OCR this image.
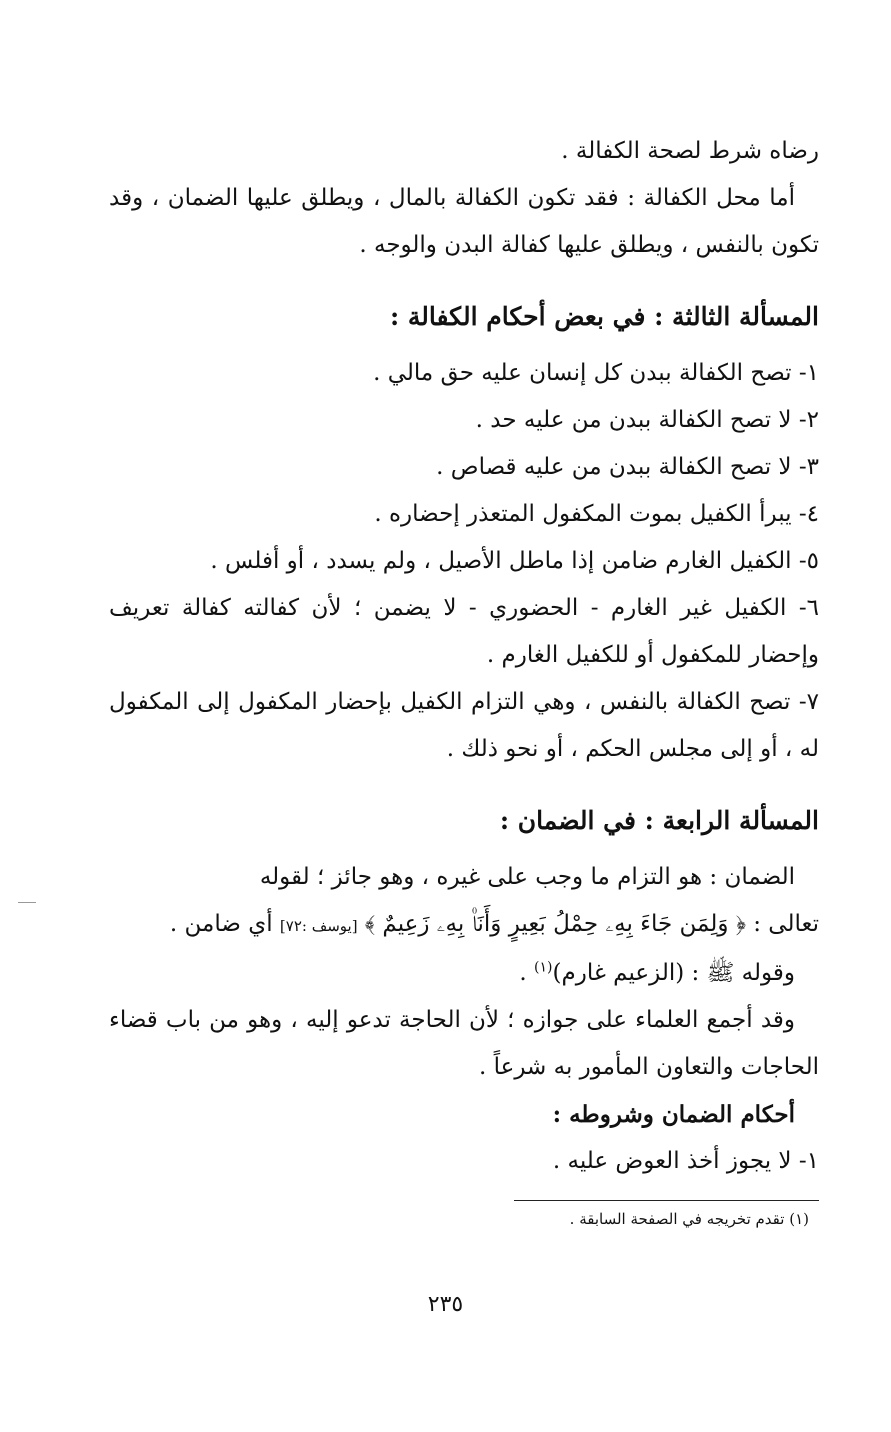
رضاه شرط لصحة الكفالة .

أما محل الكفالة : فقد تكون الكفالة بالمال ، ويطلق عليها الضمان ، وقد تكون بالنفس ، ويطلق عليها كفالة البدن والوجه .

المسألة الثالثة : في بعض أحكام الكفالة :

١- تصح الكفالة ببدن كل إنسان عليه حق مالي .

٢- لا تصح الكفالة ببدن من عليه حد .

٣- لا تصح الكفالة ببدن من عليه قصاص .

٤- يبرأ الكفيل بموت المكفول المتعذر إحضاره .

٥- الكفيل الغارم ضامن إذا ماطل الأصيل ، ولم يسدد ، أو أفلس .

٦- الكفيل غير الغارم - الحضوري - لا يضمن ؛ لأن كفالته كفالة تعريف وإحضار للمكفول أو للكفيل الغارم .

٧- تصح الكفالة بالنفس ، وهي التزام الكفيل بإحضار المكفول إلى المكفول له ، أو إلى مجلس الحكم ، أو نحو ذلك .

المسألة الرابعة : في الضمان :

الضمان : هو التزام ما وجب على غيره ، وهو جائز ؛ لقوله

تعالى : ﴿ وَلِمَن جَاءَ بِهِۦ حِمْلُ بَعِيرٍ وَأَنَا۠ بِهِۦ زَعِيمٌ ﴾ [يوسف :٧٢] أي ضامن .

وقوله ﷺ : (الزعيم غارم)$^{(١)}$ .

وقد أجمع العلماء على جوازه ؛ لأن الحاجة تدعو إليه ، وهو من باب قضاء الحاجات والتعاون المأمور به شرعاً .

أحكام الضمان وشروطه :

١- لا يجوز أخذ العوض عليه .

(١) تقدم تخريجه في الصفحة السابقة .
٢٣٥
